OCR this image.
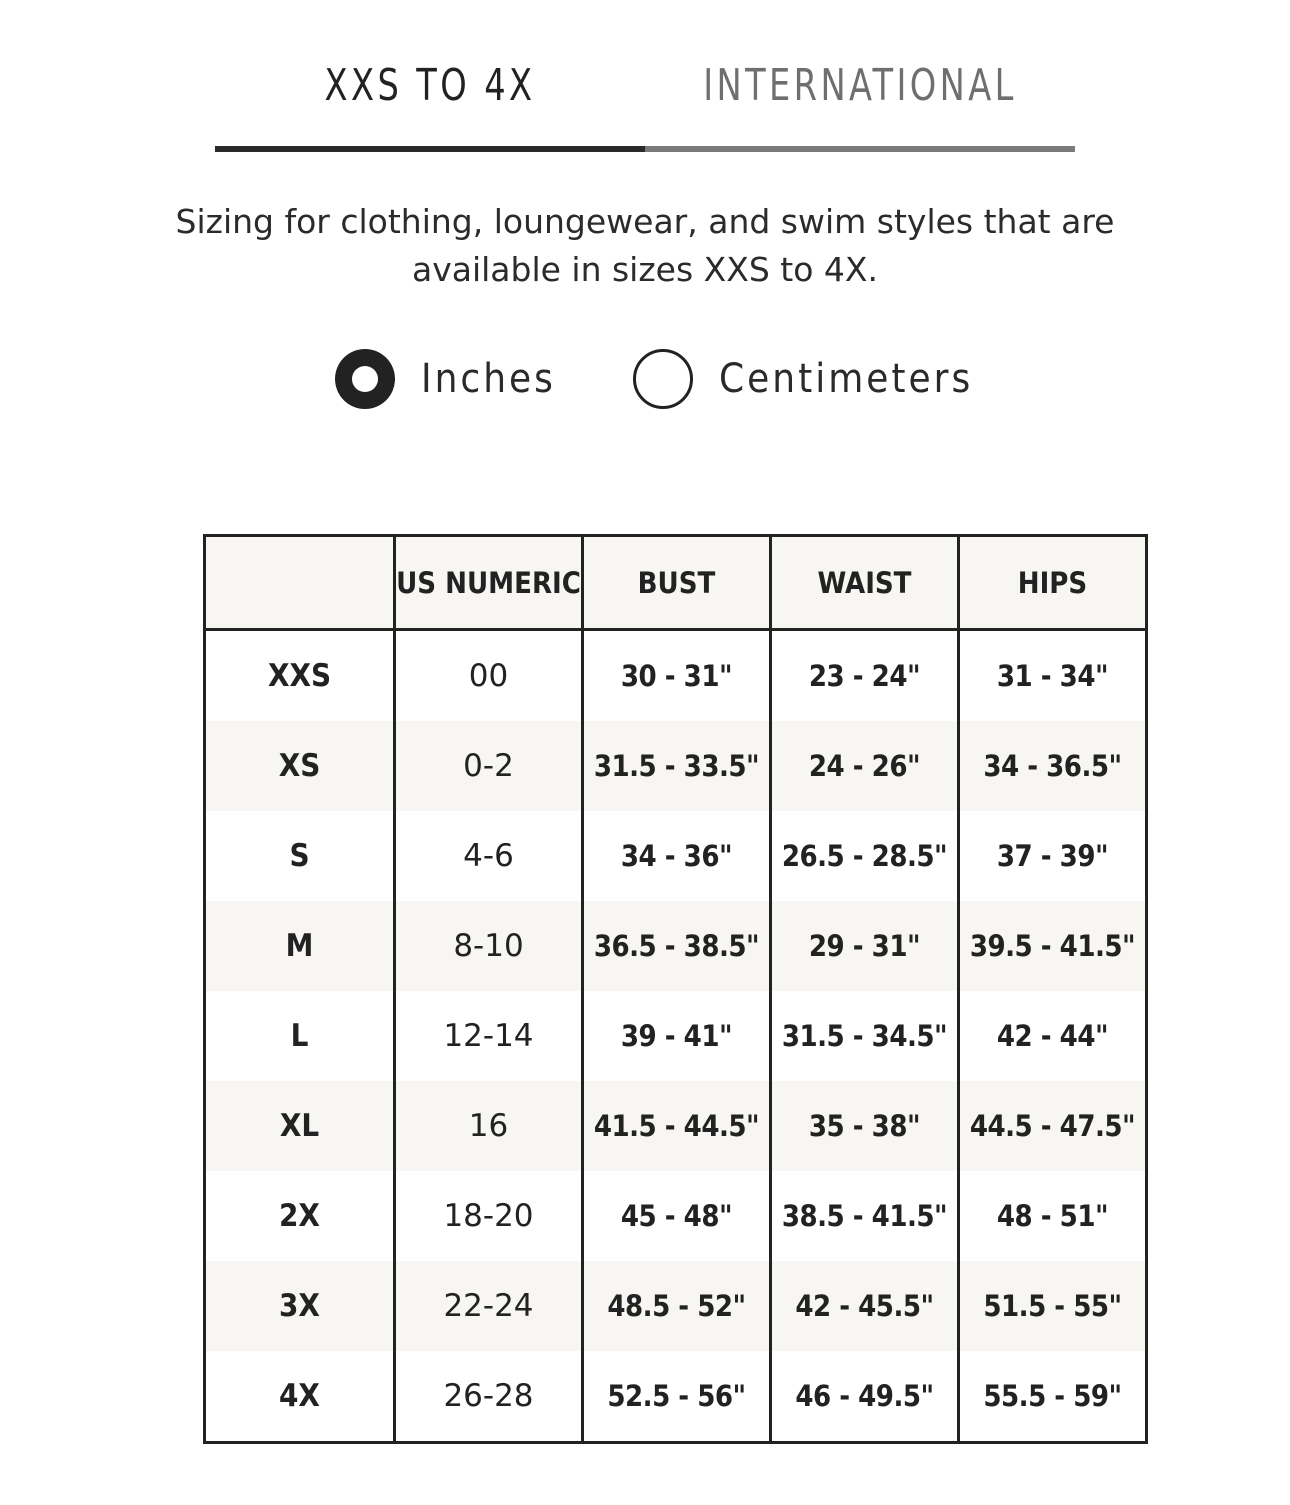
XXS TO 4X	INTERNATIONAL
Sizing for clothing, loungewear, and swim styles that are available in sizes XXS to 4X.
Inches	Centimeters
	US NUMERIC	BUST	WAIST	HIPS
XXS	00	30 - 31"	23 - 24"	31 - 34"
XS	0-2	31.5 - 33.5"	24 - 26"	34 - 36.5"
S	4-6	34 - 36"	26.5 - 28.5"	37 - 39"
M	8-10	36.5 - 38.5"	29 - 31"	39.5 - 41.5"
L	12-14	39 - 41"	31.5 - 34.5"	42 - 44"
XL	16	41.5 - 44.5"	35 - 38"	44.5 - 47.5"
2X	18-20	45 - 48"	38.5 - 41.5"	48 - 51"
3X	22-24	48.5 - 52"	42 - 45.5"	51.5 - 55"
4X	26-28	52.5 - 56"	46 - 49.5"	55.5 - 59"
